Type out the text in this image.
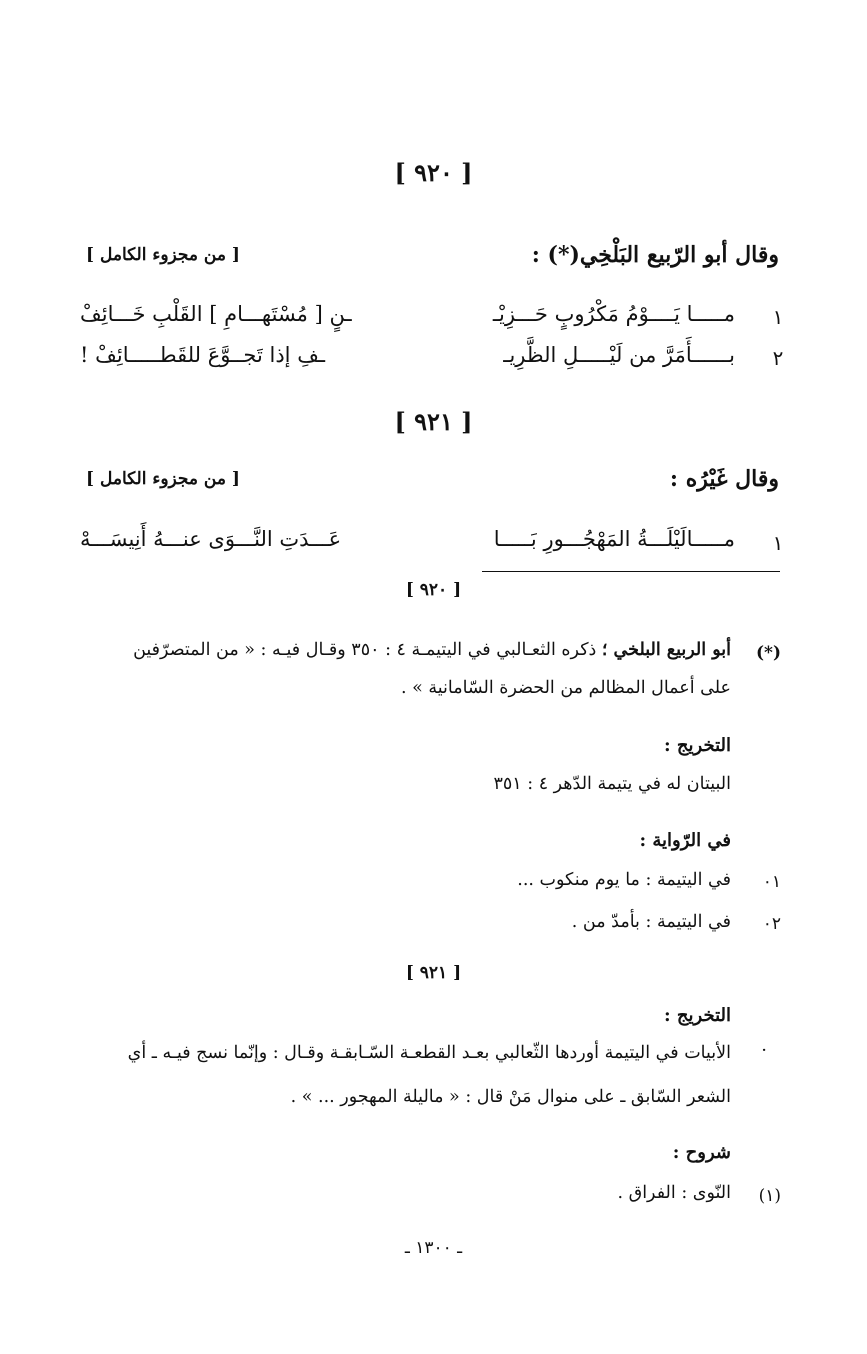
[ ٩٢٠ ]
وقال أبو الرّبيع البَلْخِي(*) :
[ من مجزوء الكامل ]
١
مـــــا يَــــوْمُ مَكْرُوبٍ حَـــزِيْـ
ـنٍ [ مُسْتَهـــامِ ] القَلْبِ خَـــائِفْ
٢
بــــــأَمَرَّ من لَيْـــــلِ الظَّرِيـ
ـفِ إذا تَجــوَّعَ للقَطـــــائِفْ !
[ ٩٢١ ]
وقال غَيْرُه :
[ من مجزوء الكامل ]
١
مـــــالَيْلَـــةُ المَهْجُـــورِ بَـــــا
عَـــدَتِ النَّـــوَى عنـــهُ أَنِيسَـــهْ
[ ٩٢٠ ]
(*)
أبو الربيع البلخي ؛ ذكره الثعـالبي في اليتيمـة ٤ : ٣٥٠ وقـال فيـه : « من المتصرّفين
على أعمال المظالم من الحضرة السّامانية » .
التخريج :
البيتان له في يتيمة الدّهر ٤ : ٣٥١
في الرّواية :
٠١
في اليتيمة : ما يوم منكوب ...
٠٢
في اليتيمة : بأمدّ من .
[ ٩٢١ ]
التخريج :
·
الأبيات في اليتيمة أوردها الثّعالبي بعـد القطعـة السّـابقـة وقـال : وإنّما نسج فيـه ـ أي
الشعر السّابق ـ على منوال مَنْ قال : « ماليلة المهجور ... » .
شروح :
(١)
النّوى : الفراق .
ـ ١٣٠٠ ـ
